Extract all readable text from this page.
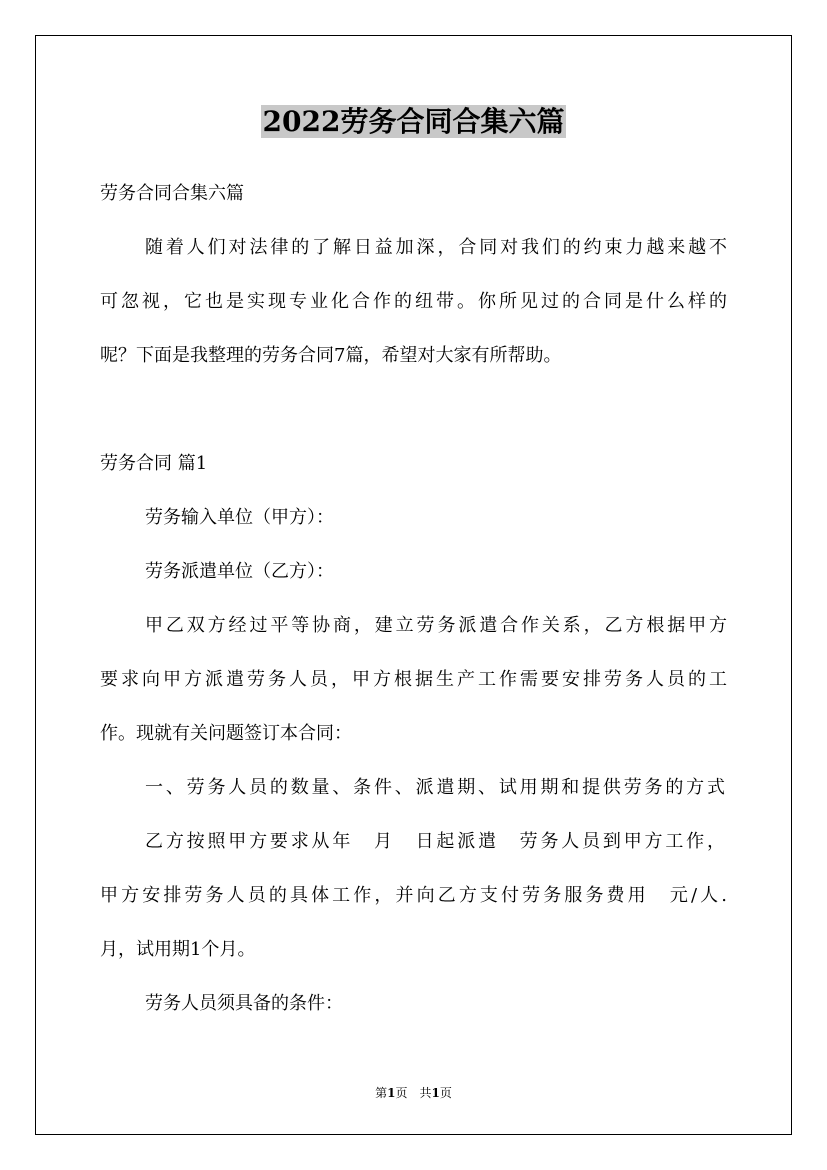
2022劳务合同合集六篇
劳务合同合集六篇
随着人们对法律的了解日益加深，合同对我们的约束力越来越不
可忽视，它也是实现专业化合作的纽带。你所见过的合同是什么样的
呢？下面是我整理的劳务合同7篇，希望对大家有所帮助。
劳务合同 篇1
劳务输入单位（甲方）：
劳务派遣单位（乙方）：
甲乙双方经过平等协商，建立劳务派遣合作关系，乙方根据甲方
要求向甲方派遣劳务人员，甲方根据生产工作需要安排劳务人员的工
作。现就有关问题签订本合同：
一、劳务人员的数量、条件、派遣期、试用期和提供劳务的方式
乙方按照甲方要求从年　月　日起派遣　劳务人员到甲方工作，
甲方安排劳务人员的具体工作，并向乙方支付劳务服务费用　元/人.
月，试用期1个月。
劳务人员须具备的条件：
第1页　共1页
